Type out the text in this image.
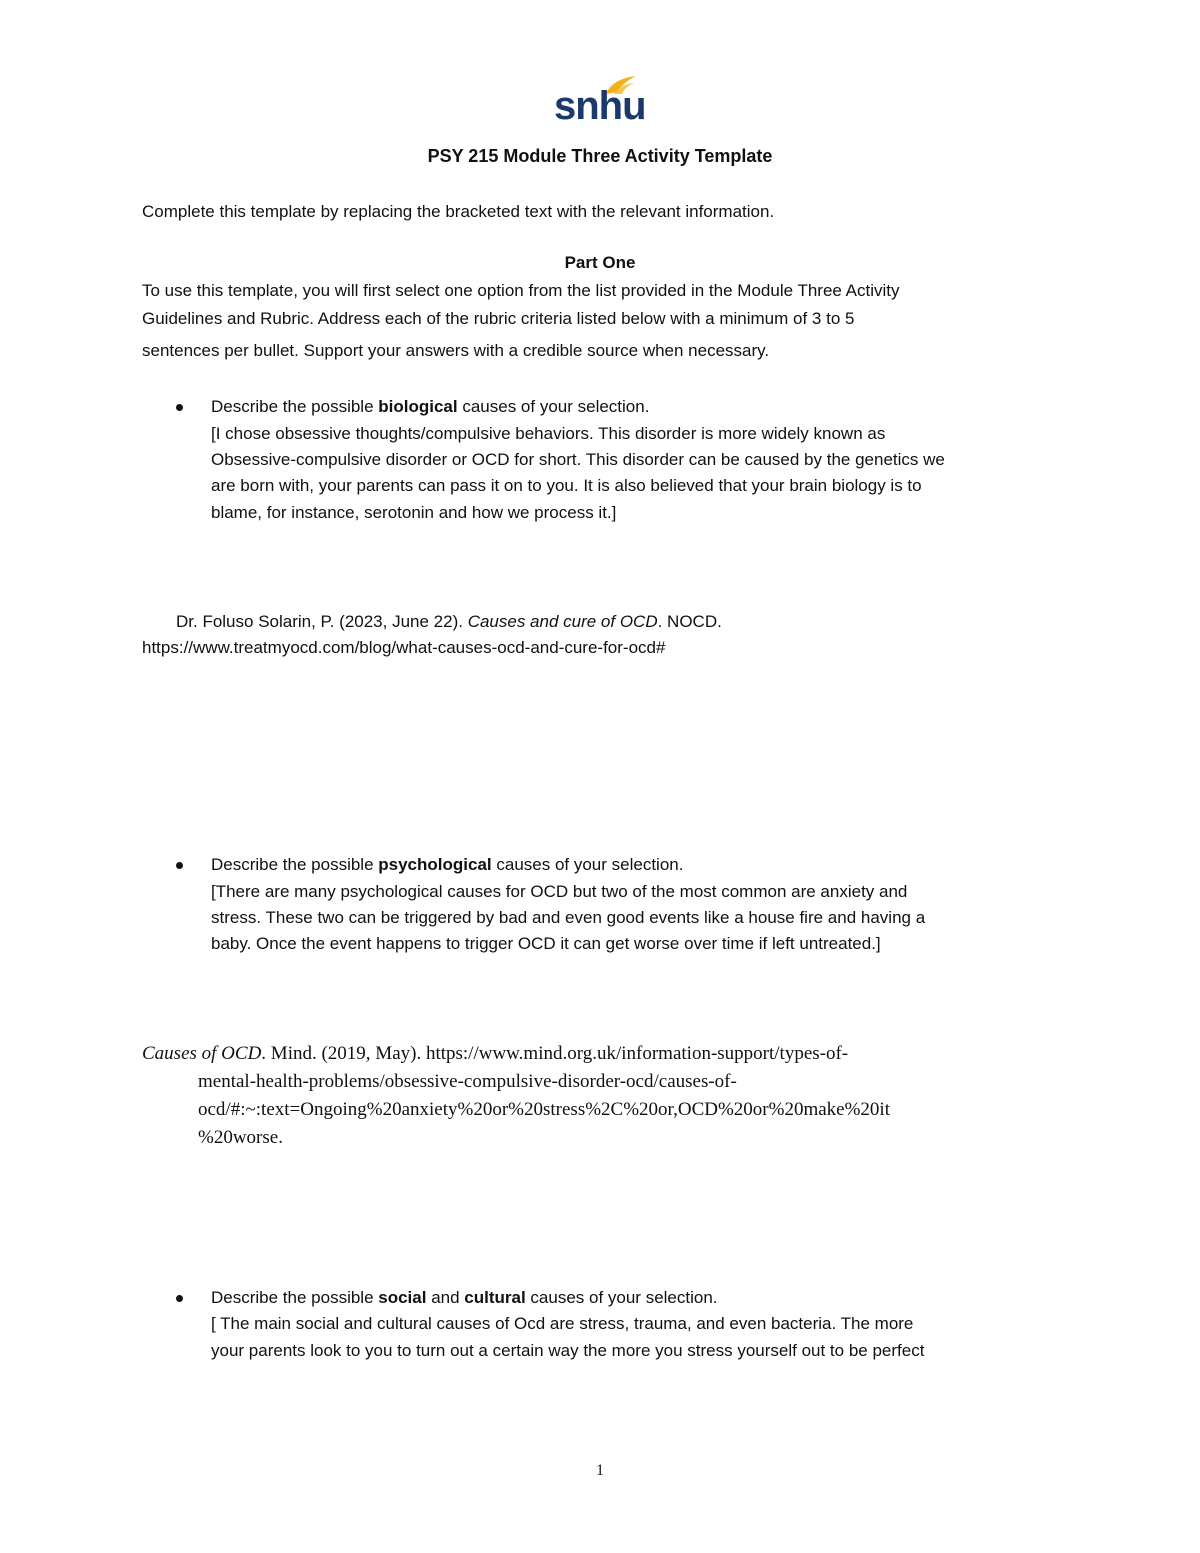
snhu
PSY 215 Module Three Activity Template
Complete this template by replacing the bracketed text with the relevant information.
Part One
To use this template, you will first select one option from the list provided in the Module Three Activity
Guidelines and Rubric. Address each of the rubric criteria listed below with a minimum of 3 to 5
sentences per bullet. Support your answers with a credible source when necessary.
Describe the possible biological causes of your selection.
[I chose obsessive thoughts/compulsive behaviors. This disorder is more widely known as
Obsessive-compulsive disorder or OCD for short. This disorder can be caused by the genetics we
are born with, your parents can pass it on to you. It is also believed that your brain biology is to
blame, for instance, serotonin and how we process it.]
Dr. Foluso Solarin, P. (2023, June 22). Causes and cure of OCD. NOCD.
https://www.treatmyocd.com/blog/what-causes-ocd-and-cure-for-ocd#
Describe the possible psychological causes of your selection.
[There are many psychological causes for OCD but two of the most common are anxiety and
stress. These two can be triggered by bad and even good events like a house fire and having a
baby. Once the event happens to trigger OCD it can get worse over time if left untreated.]
Causes of OCD. Mind. (2019, May). https://www.mind.org.uk/information-support/types-of-
mental-health-problems/obsessive-compulsive-disorder-ocd/causes-of-
ocd/#:~:text=Ongoing%20anxiety%20or%20stress%2C%20or,OCD%20or%20make%20it
%20worse.
Describe the possible social and cultural causes of your selection.
[ The main social and cultural causes of Ocd are stress, trauma, and even bacteria. The more
your parents look to you to turn out a certain way the more you stress yourself out to be perfect
1
